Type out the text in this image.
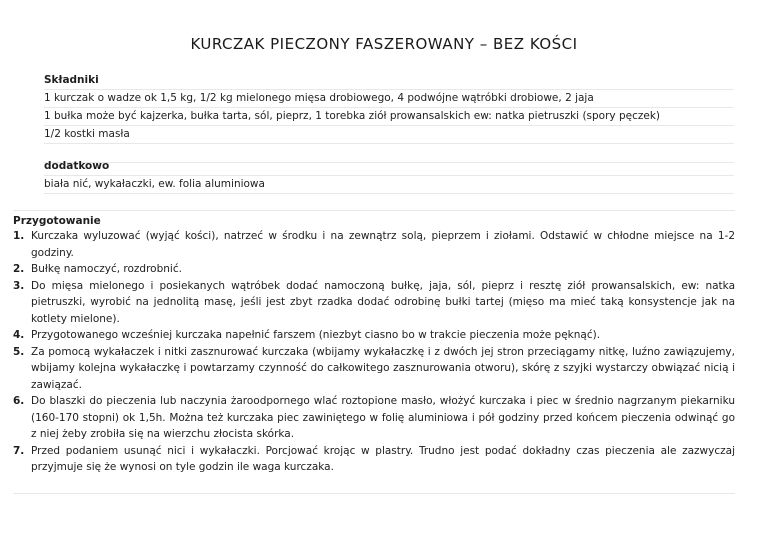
KURCZAK PIECZONY FASZEROWANY – BEZ KOŚCI
Składniki
1 kurczak o wadze ok 1,5 kg, 1/2 kg mielonego mięsa drobiowego, 4 podwójne wątróbki drobiowe, 2 jaja
1 bułka może być kajzerka, bułka tarta, sól, pieprz, 1 torebka ziół prowansalskich ew: natka pietruszki (spory pęczek)
1/2 kostki masła
dodatkowo
biała nić, wykałaczki, ew. folia aluminiowa
Przygotowanie
1. Kurczaka wyluzować (wyjąć kości), natrzeć w środku i na zewnątrz solą, pieprzem i ziołami. Odstawić w chłodne miejsce na 1-2 godziny.
2. Bułkę namoczyć, rozdrobnić.
3. Do mięsa mielonego i posiekanych wątróbek dodać namoczoną bułkę, jaja, sól, pieprz i resztę ziół prowansalskich, ew: natka pietruszki, wyrobić na jednolitą masę, jeśli jest zbyt rzadka dodać odrobinę bułki tartej (mięso ma mieć taką konsystencje jak na kotlety mielone).
4. Przygotowanego wcześniej kurczaka napełnić farszem (niezbyt ciasno bo w trakcie pieczenia może pęknąć).
5. Za pomocą wykałaczek i nitki zasznurować kurczaka (wbijamy wykałaczkę i z dwóch jej stron przeciągamy nitkę, luźno zawiązujemy, wbijamy kolejna wykałaczkę i powtarzamy czynność do całkowitego zasznurowania otworu), skórę z szyjki wystarczy obwiązać nicią i zawiązać.
6. Do blaszki do pieczenia lub naczynia żaroodpornego wlać roztopione masło, włożyć kurczaka i piec w średnio nagrzanym piekarniku (160-170 stopni) ok 1,5h. Można też kurczaka piec zawiniętego w folię aluminiowa i pół godziny przed końcem pieczenia odwinąć go z niej żeby zrobiła się na wierzchu złocista skórka.
7. Przed podaniem usunąć nici i wykałaczki. Porcjować krojąc w plastry. Trudno jest podać dokładny czas pieczenia ale zazwyczaj przyjmuje się że wynosi on tyle godzin ile waga kurczaka.
